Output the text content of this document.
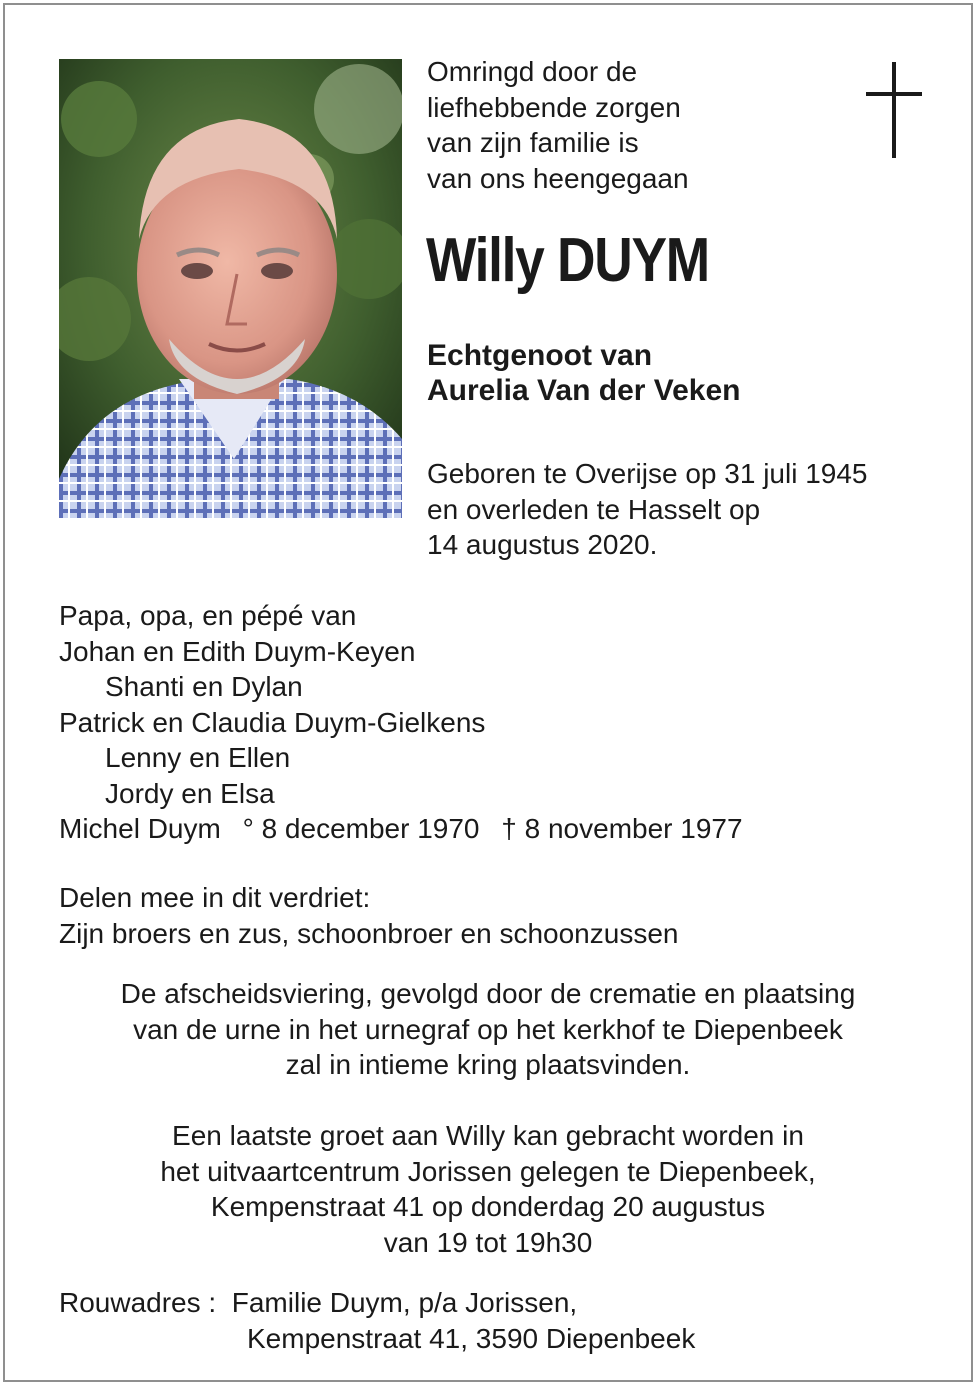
Omringd door de
liefhebbende zorgen
van zijn familie is
van ons heengegaan
Willy DUYM
Echtgenoot van
Aurelia Van der Veken
Geboren te Overijse op 31 juli 1945
en overleden te Hasselt op
14 augustus 2020.
Papa, opa, en pépé van
Johan en Edith Duym-Keyen
Shanti en Dylan
Patrick en Claudia Duym-Gielkens
Lenny en Ellen
Jordy en Elsa
Michel Duym ° 8 december 1970 † 8 november 1977
Delen mee in dit verdriet:
Zijn broers en zus, schoonbroer en schoonzussen
De afscheidsviering, gevolgd door de crematie en plaatsing
van de urne in het urnegraf op het kerkhof te Diepenbeek
zal in intieme kring plaatsvinden.
Een laatste groet aan Willy kan gebracht worden in
het uitvaartcentrum Jorissen gelegen te Diepenbeek,
Kempenstraat 41 op donderdag 20 augustus
van 19 tot 19h30
Rouwadres : Familie Duym, p/a Jorissen,
Kempenstraat 41, 3590 Diepenbeek
